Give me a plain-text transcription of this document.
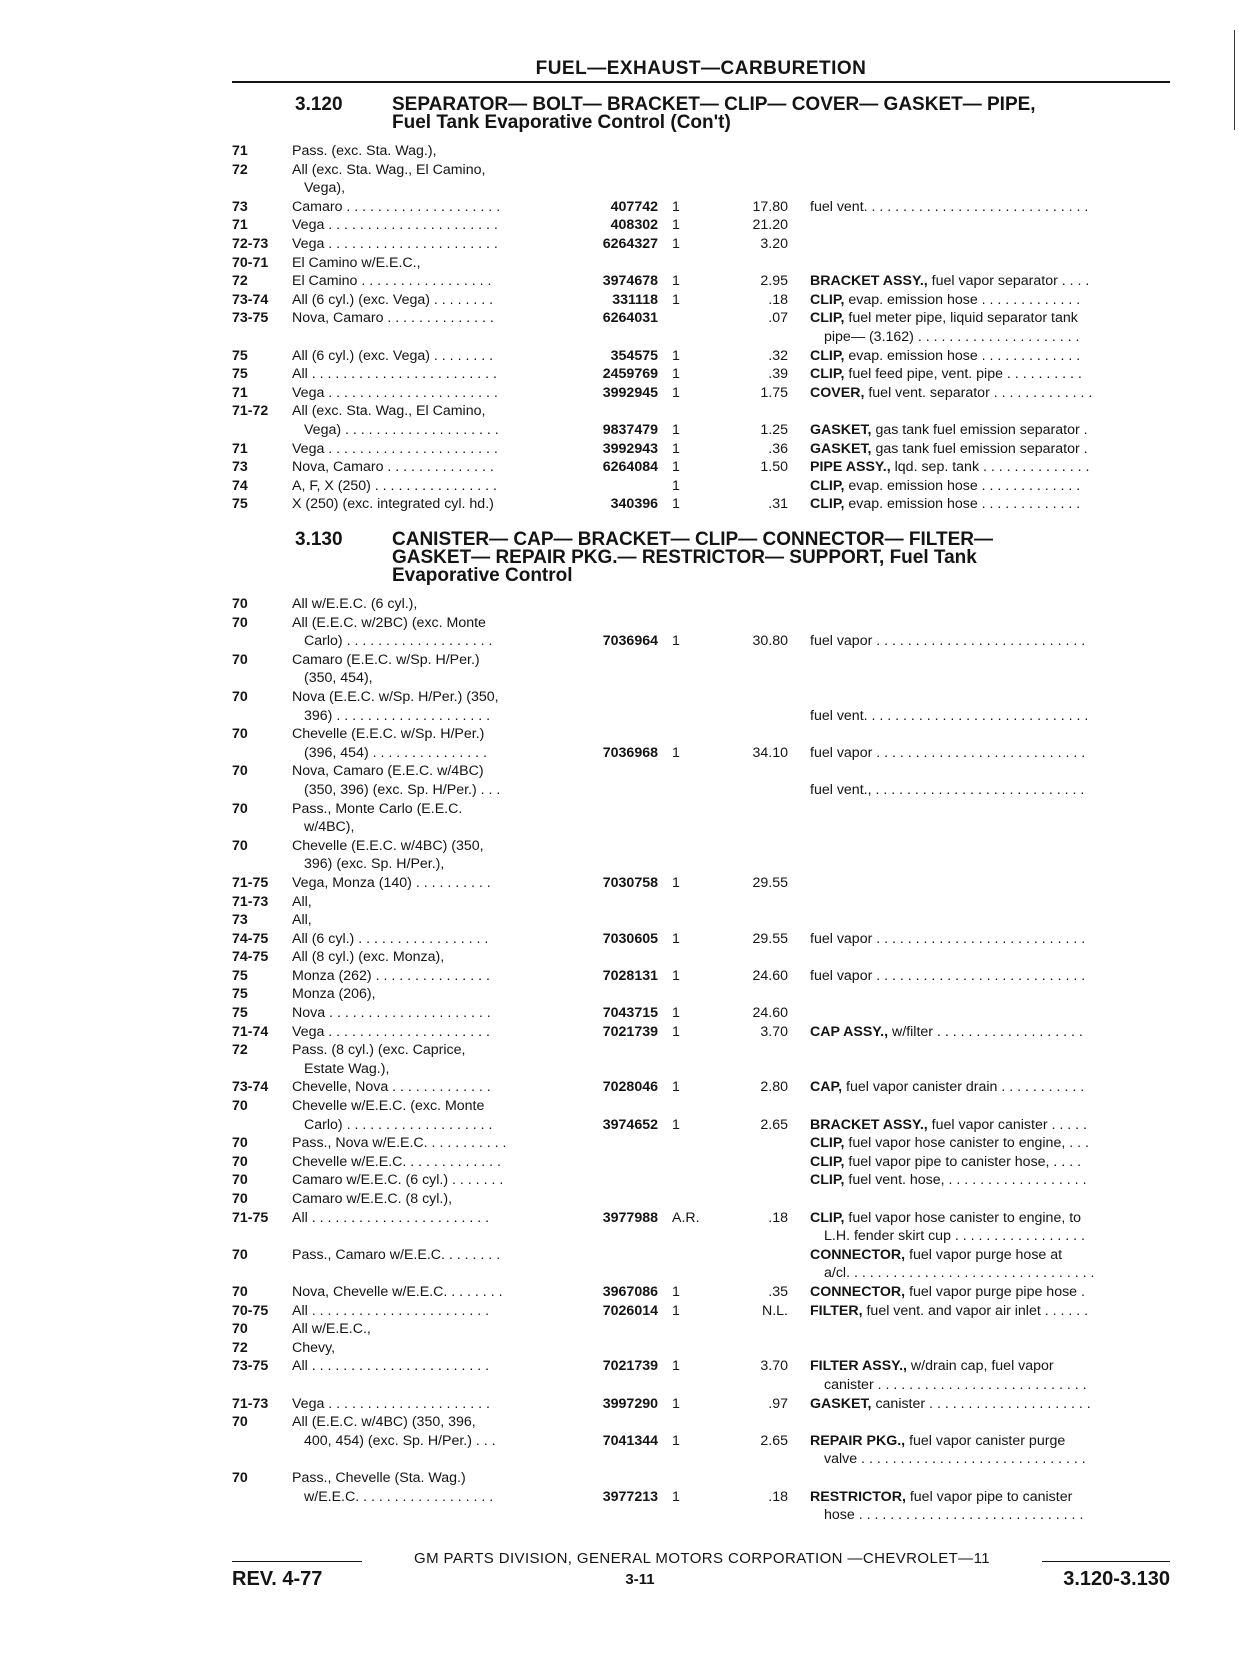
FUEL—EXHAUST—CARBURETION
3.120	SEPARATOR— BOLT— BRACKET— CLIP— COVER— GASKET— PIPE,
Fuel Tank Evaporative Control (Con't)
71	Pass. (exc. Sta. Wag.),
72	All (exc. Sta. Wag., El Camino,
Vega),
73	Camaro . . . . . . . . . . . . . . . . . . . .	407742 1	17.80 fuel vent. . . . . . . . . . . . . . . . . . . . . . . . . . . . .
71	Vega . . . . . . . . . . . . . . . . . . . . . .	408302 1	21.20
72-73	Vega . . . . . . . . . . . . . . . . . . . . . .	6264327 1	3.20
70-71	El Camino w/E.E.C.,
72	El Camino . . . . . . . . . . . . . . . . .	3974678 1	2.95 BRACKET ASSY., fuel vapor separator . . . .
73-74	All (6 cyl.) (exc. Vega) . . . . . . . .	331118 1	.18 CLIP, evap. emission hose . . . . . . . . . . . . .
73-75	Nova, Camaro . . . . . . . . . . . . . .	6264031	.07 CLIP, fuel meter pipe, liquid separator tank
pipe— (3.162) . . . . . . . . . . . . . . . . . . . . .
75	All (6 cyl.) (exc. Vega) . . . . . . . .	354575 1	.32 CLIP, evap. emission hose . . . . . . . . . . . . .
75	All . . . . . . . . . . . . . . . . . . . . . . . .	2459769 1	.39 CLIP, fuel feed pipe, vent. pipe . . . . . . . . . .
71	Vega . . . . . . . . . . . . . . . . . . . . . .	3992945 1	1.75 COVER, fuel vent. separator . . . . . . . . . . . . .
71-72	All (exc. Sta. Wag., El Camino,
Vega) . . . . . . . . . . . . . . . . . . . .	9837479 1	1.25 GASKET, gas tank fuel emission separator .
71	Vega . . . . . . . . . . . . . . . . . . . . . .	3992943 1	.36 GASKET, gas tank fuel emission separator .
73	Nova, Camaro . . . . . . . . . . . . . .	6264084 1	1.50 PIPE ASSY., lqd. sep. tank . . . . . . . . . . . . . .
74	A, F, X (250) . . . . . . . . . . . . . . . .	1	CLIP, evap. emission hose . . . . . . . . . . . . .
75	X (250) (exc. integrated cyl. hd.)	340396 1	.31 CLIP, evap. emission hose . . . . . . . . . . . . .
3.130	CANISTER— CAP— BRACKET— CLIP— CONNECTOR— FILTER—
GASKET— REPAIR PKG.— RESTRICTOR— SUPPORT, Fuel Tank
Evaporative Control
70	All w/E.E.C. (6 cyl.),
70	All (E.E.C. w/2BC) (exc. Monte
Carlo) . . . . . . . . . . . . . . . . . . .	7036964 1	30.80 fuel vapor . . . . . . . . . . . . . . . . . . . . . . . . . . .
70	Camaro (E.E.C. w/Sp. H/Per.)
(350, 454),
70	Nova (E.E.C. w/Sp. H/Per.) (350,
396) . . . . . . . . . . . . . . . . . . . .	fuel vent. . . . . . . . . . . . . . . . . . . . . . . . . . . . .
70	Chevelle (E.E.C. w/Sp. H/Per.)
(396, 454) . . . . . . . . . . . . . . .	7036968 1	34.10 fuel vapor . . . . . . . . . . . . . . . . . . . . . . . . . . .
70	Nova, Camaro (E.E.C. w/4BC)
(350, 396) (exc. Sp. H/Per.) . . .	fuel vent., . . . . . . . . . . . . . . . . . . . . . . . . . . .
70	Pass., Monte Carlo (E.E.C.
w/4BC),
70	Chevelle (E.E.C. w/4BC) (350,
396) (exc. Sp. H/Per.),
71-75	Vega, Monza (140) . . . . . . . . . .	7030758 1	29.55
71-73	All,
73	All,
74-75	All (6 cyl.) . . . . . . . . . . . . . . . . .	7030605 1	29.55 fuel vapor . . . . . . . . . . . . . . . . . . . . . . . . . . .
74-75	All (8 cyl.) (exc. Monza),
75	Monza (262) . . . . . . . . . . . . . . .	7028131 1	24.60 fuel vapor . . . . . . . . . . . . . . . . . . . . . . . . . . .
75	Monza (206),
75	Nova . . . . . . . . . . . . . . . . . . . . .	7043715 1	24.60
71-74	Vega . . . . . . . . . . . . . . . . . . . . .	7021739 1	3.70 CAP ASSY., w/filter . . . . . . . . . . . . . . . . . . .
72	Pass. (8 cyl.) (exc. Caprice,
Estate Wag.),
73-74	Chevelle, Nova . . . . . . . . . . . . .	7028046 1	2.80 CAP, fuel vapor canister drain . . . . . . . . . . .
70	Chevelle w/E.E.C. (exc. Monte
Carlo) . . . . . . . . . . . . . . . . . . .	3974652 1	2.65 BRACKET ASSY., fuel vapor canister . . . . .
70	Pass., Nova w/E.E.C. . . . . . . . . . .	CLIP, fuel vapor hose canister to engine, . . .
70	Chevelle w/E.E.C. . . . . . . . . . . . .	CLIP, fuel vapor pipe to canister hose, . . . .
70	Camaro w/E.E.C. (6 cyl.) . . . . . . .	CLIP, fuel vent. hose, . . . . . . . . . . . . . . . . . .
70	Camaro w/E.E.C. (8 cyl.),
71-75	All . . . . . . . . . . . . . . . . . . . . . . .	3977988 A.R.	.18 CLIP, fuel vapor hose canister to engine, to
L.H. fender skirt cup . . . . . . . . . . . . . . . . .
70	Pass., Camaro w/E.E.C. . . . . . . .	CONNECTOR, fuel vapor purge hose at
a/cl. . . . . . . . . . . . . . . . . . . . . . . . . . . . . . . .
70	Nova, Chevelle w/E.E.C. . . . . . . .	3967086 1	.35 CONNECTOR, fuel vapor purge pipe hose .
70-75	All . . . . . . . . . . . . . . . . . . . . . . .	7026014 1	N.L. FILTER, fuel vent. and vapor air inlet . . . . . .
70	All w/E.E.C.,
72	Chevy,
73-75	All . . . . . . . . . . . . . . . . . . . . . . .	7021739 1	3.70 FILTER ASSY., w/drain cap, fuel vapor
canister . . . . . . . . . . . . . . . . . . . . . . . . . . .
71-73	Vega . . . . . . . . . . . . . . . . . . . . .	3997290 1	.97 GASKET, canister . . . . . . . . . . . . . . . . . . . . .
70	All (E.E.C. w/4BC) (350, 396,
400, 454) (exc. Sp. H/Per.) . . .	7041344 1	2.65 REPAIR PKG., fuel vapor canister purge
valve . . . . . . . . . . . . . . . . . . . . . . . . . . . . .
70	Pass., Chevelle (Sta. Wag.)
w/E.E.C. . . . . . . . . . . . . . . . . .	3977213 1	.18 RESTRICTOR, fuel vapor pipe to canister
hose . . . . . . . . . . . . . . . . . . . . . . . . . . . . .
GM PARTS DIVISION, GENERAL MOTORS CORPORATION —CHEVROLET—11
REV. 4-77	3-11	3.120-3.130
